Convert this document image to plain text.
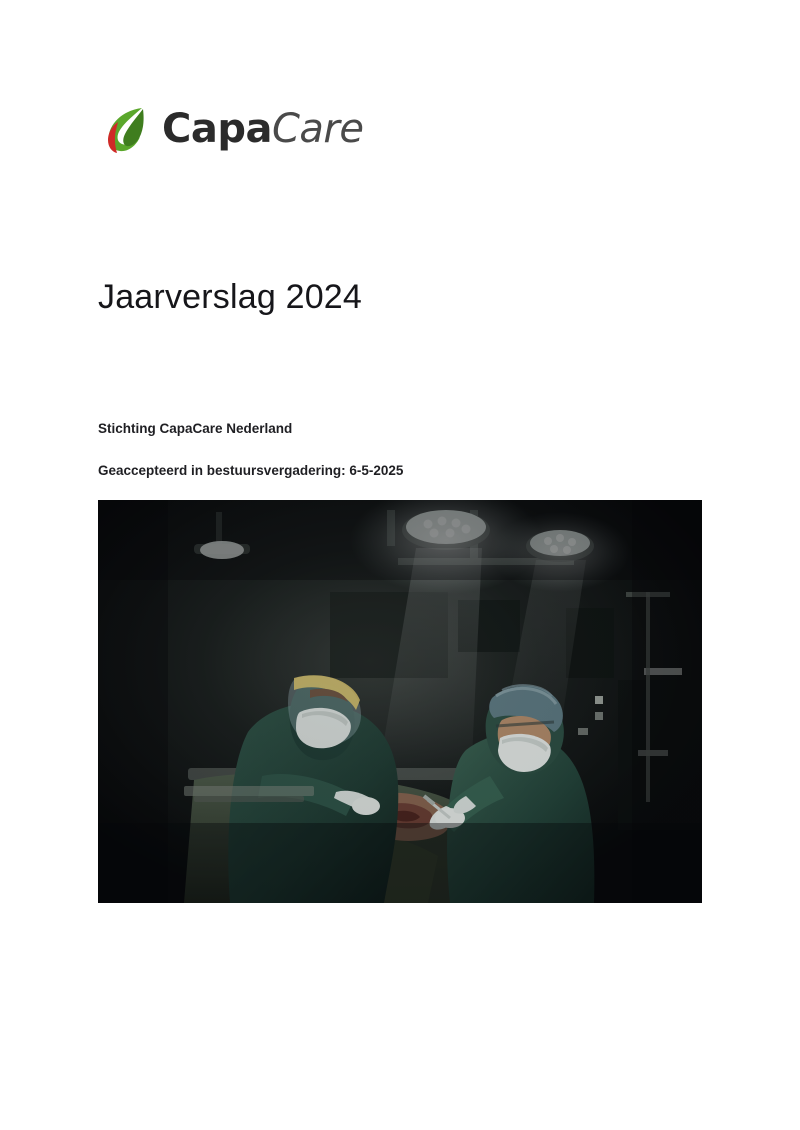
CapaCare
Jaarverslag 2024

Stichting CapaCare Nederland

Geaccepteerd in bestuursvergadering: 6-5-2025
